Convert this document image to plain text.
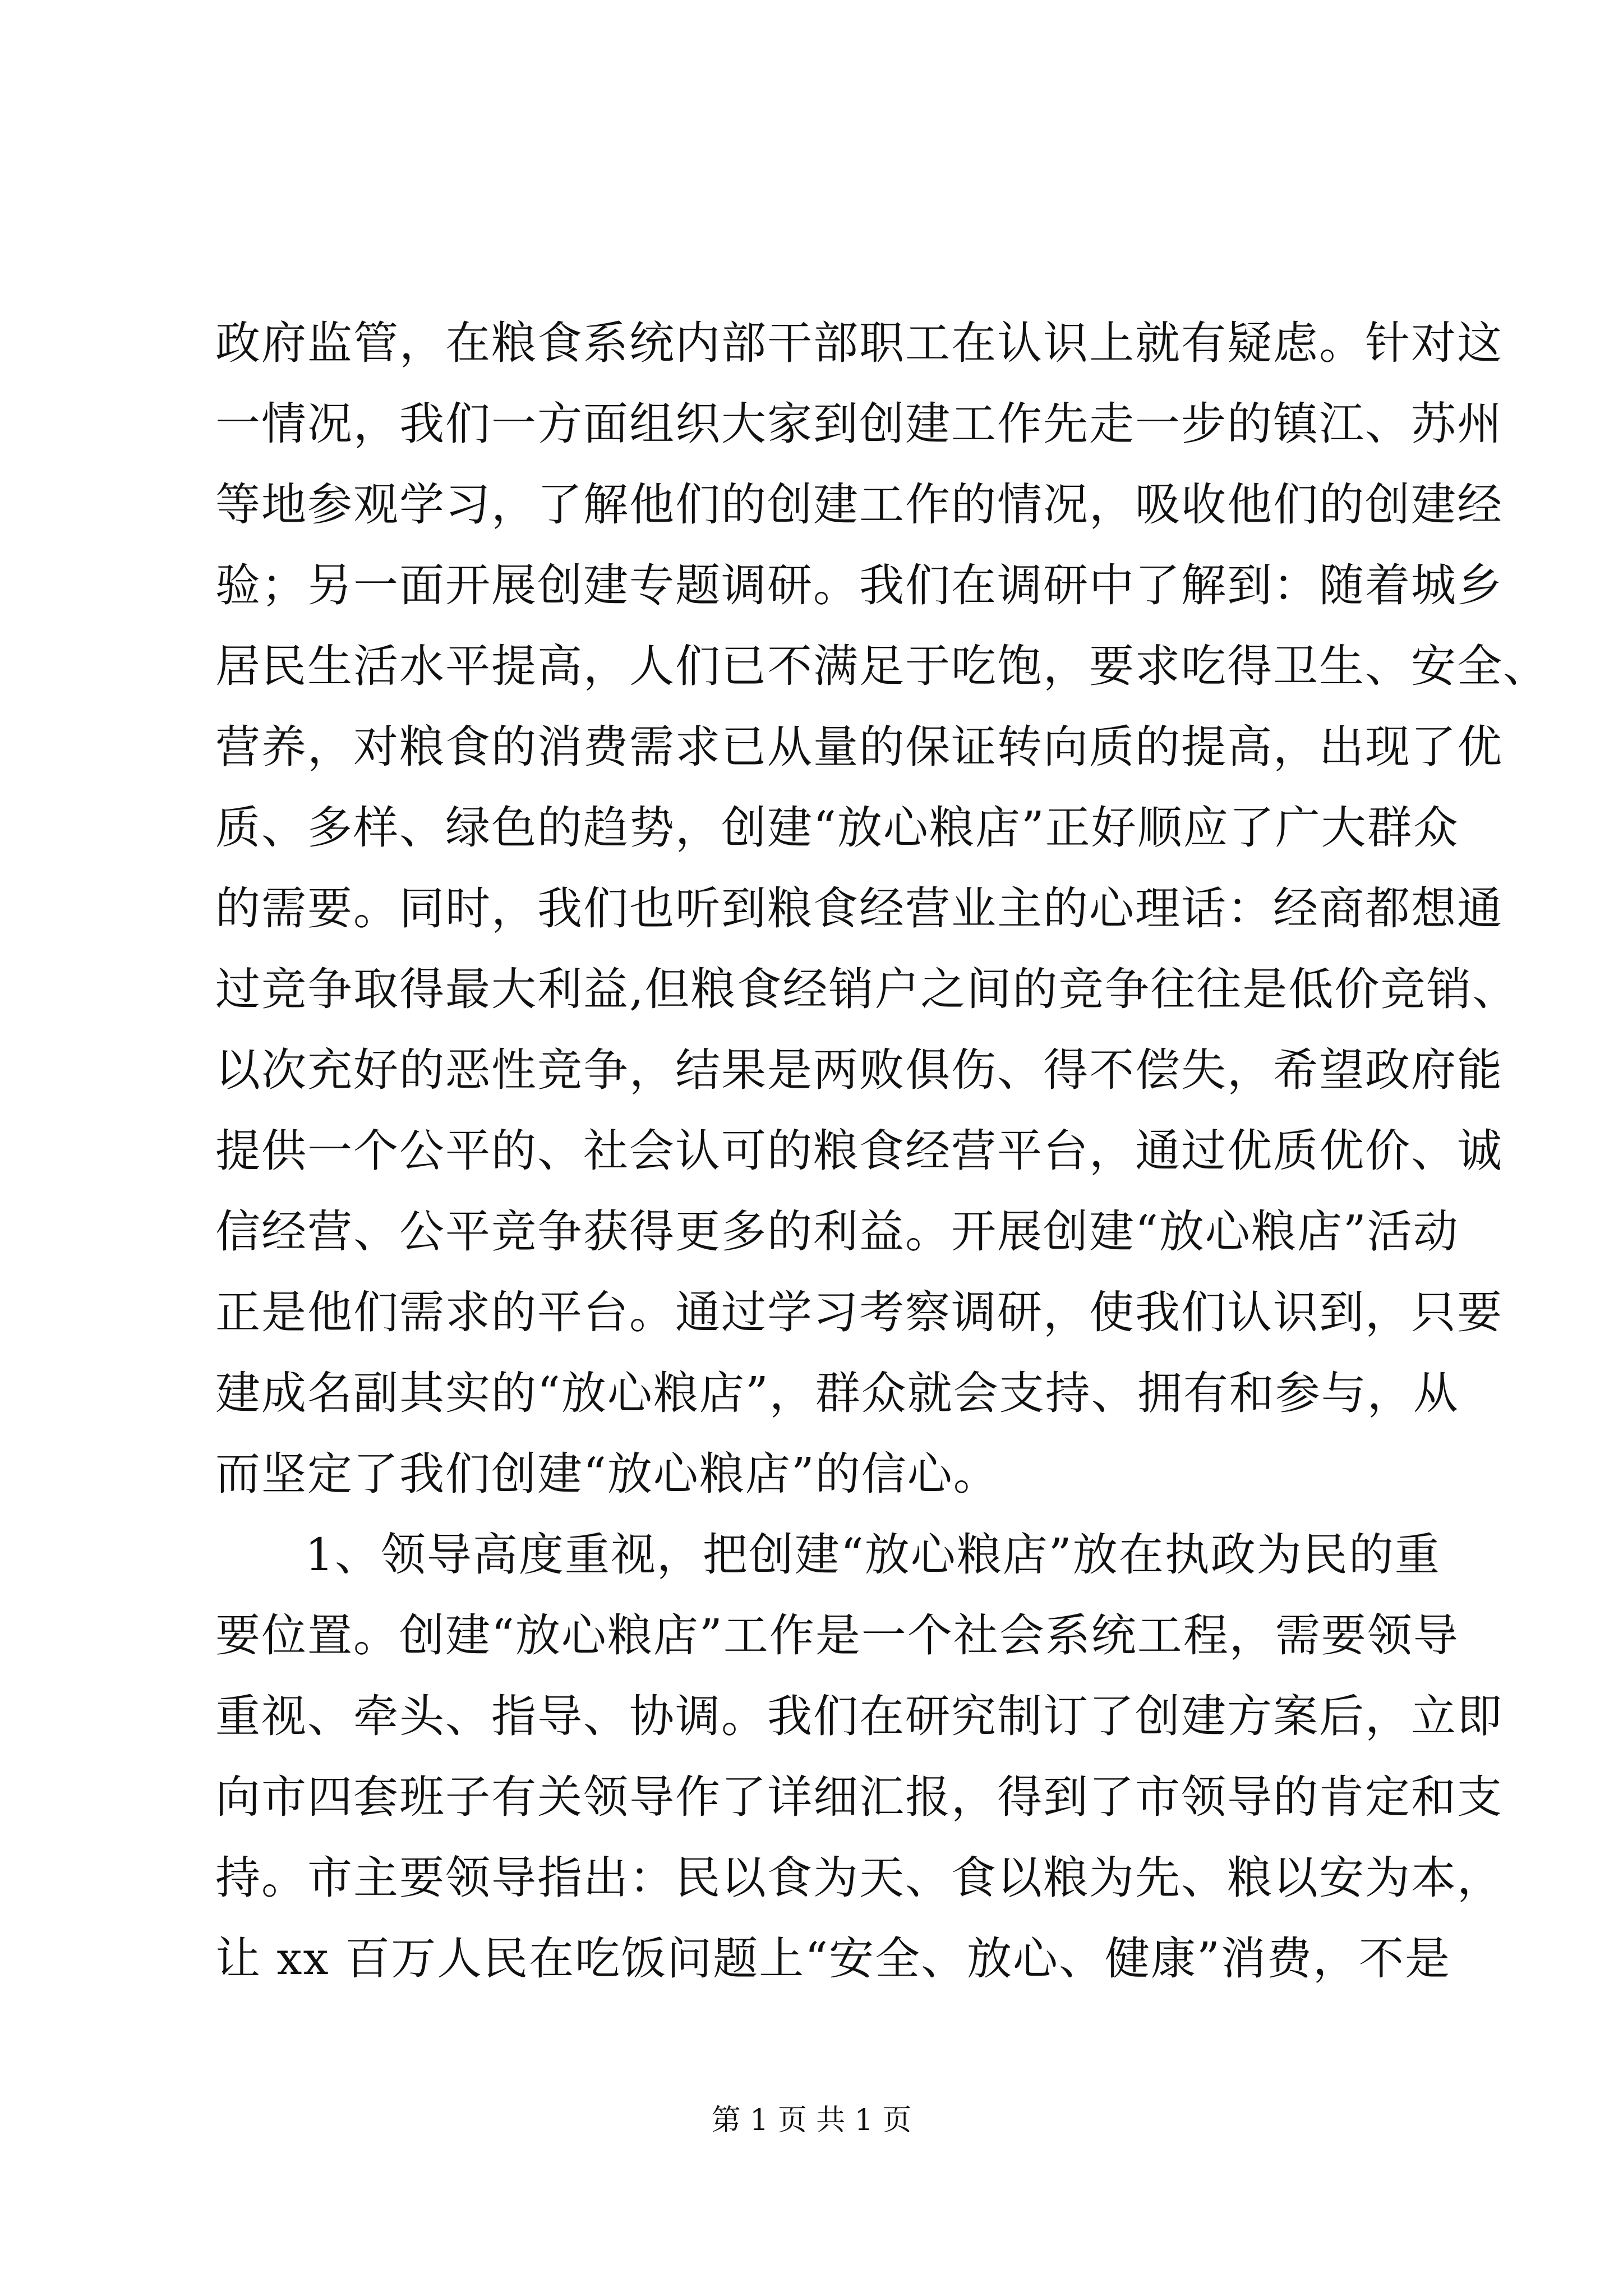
政府监管，在粮食系统内部干部职工在认识上就有疑虑。针对这
一情况，我们一方面组织大家到创建工作先走一步的镇江、苏州
等地参观学习，了解他们的创建工作的情况，吸收他们的创建经
验；另一面开展创建专题调研。我们在调研中了解到：随着城乡
居民生活水平提高，人们已不满足于吃饱，要求吃得卫生、安全、
营养，对粮食的消费需求已从量的保证转向质的提高，出现了优
质、多样、绿色的趋势，创建“放心粮店”正好顺应了广大群众
的需要。同时，我们也听到粮食经营业主的心理话：经商都想通
过竞争取得最大利益,但粮食经销户之间的竞争往往是低价竞销、
以次充好的恶性竞争，结果是两败俱伤、得不偿失，希望政府能
提供一个公平的、社会认可的粮食经营平台，通过优质优价、诚
信经营、公平竞争获得更多的利益。开展创建“放心粮店”活动
正是他们需求的平台。通过学习考察调研，使我们认识到，只要
建成名副其实的“放心粮店”，群众就会支持、拥有和参与，从
而坚定了我们创建“放心粮店”的信心。
1、领导高度重视，把创建“放心粮店”放在执政为民的重
要位置。创建“放心粮店”工作是一个社会系统工程，需要领导
重视、牵头、指导、协调。我们在研究制订了创建方案后，立即
向市四套班子有关领导作了详细汇报，得到了市领导的肯定和支
持。市主要领导指出：民以食为天、食以粮为先、粮以安为本，
让 xx 百万人民在吃饭问题上“安全、放心、健康”消费，不是
第 1 页 共 1 页
